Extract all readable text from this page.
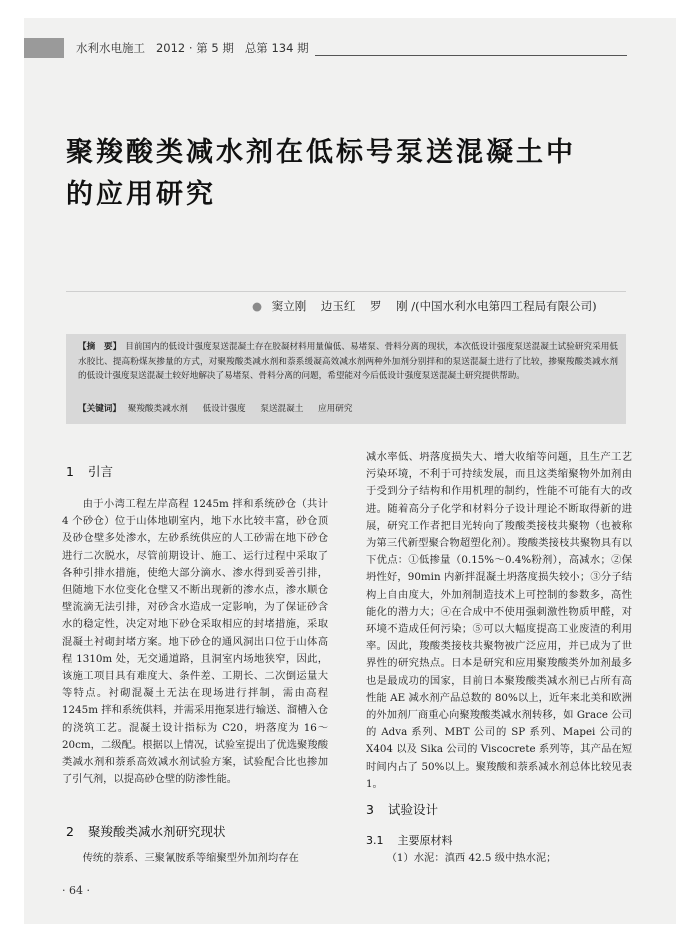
水利水电施工 2012 · 第 5 期 总第 134 期
聚羧酸类减水剂在低标号泵送混凝土中
的应用研究
● 窦立刚    边玉红    罗    刚 /(中国水利水电第四工程局有限公司)
【摘　要】 目前国内的低设计强度泵送混凝土存在胶凝材料用量偏低、易堵泵、骨料分离的现状，本次低设计强度泵送混凝土试验研究采用低水胶比、提高粉煤灰掺量的方式，对聚羧酸类减水剂和萘系缓凝高效减水剂两种外加剂分别拌和的泵送混凝土进行了比较，掺聚羧酸类减水剂的低设计强度泵送混凝土较好地解决了易堵泵、骨料分离的问题，希望能对今后低设计强度泵送混凝土研究提供帮助。
【关键词】 聚羧酸类减水剂 低设计强度 泵送混凝土 应用研究
1 引言

由于小湾工程左岸高程 1245m 拌和系统砂仓（共计 4 个砂仓）位于山体地刷室内，地下水比较丰富，砂仓顶及砂仓壁多处渗水，左砂系统供应的人工砂需在地下砂仓进行二次脱水，尽管前期设计、施工、运行过程中采取了各种引排水措施，使绝大部分滴水、渗水得到妥善引排，但随地下水位变化仓壁又不断出现新的渗水点，渗水顺仓壁流滴无法引排，对砂含水造成一定影响，为了保证砂含水的稳定性，决定对地下砂仓采取相应的封堵措施，采取混凝土衬砌封堵方案。地下砂仓的通风洞出口位于山体高程 1310m 处，无交通道路，且洞室内场地狭窄，因此，该施工项目具有难度大、条件差、工期长、二次倒运量大等特点。衬砌混凝土无法在现场进行拌制，需由高程 1245m 拌和系统供料，并需采用拖泵进行输送、溜槽入仓的浇筑工艺。混凝土设计指标为 C20，坍落度为 16～20cm，二级配。根据以上情况，试验室提出了优选聚羧酸类减水剂和萘系高效减水剂试验方案，试验配合比也掺加了引气剂，以提高砂仓壁的防渗性能。

2 聚羧酸类减水剂研究现状

传统的萘系、三聚氰胺系等缩聚型外加剂均存在

减水率低、坍落度损失大、增大收缩等问题，且生产工艺污染环境，不利于可持续发展，而且这类缩聚物外加剂由于受到分子结构和作用机理的制约，性能不可能有大的改进。随着高分子化学和材料分子设计理论不断取得新的进展，研究工作者把目光转向了羧酸类接枝共聚物（也被称为第三代新型聚合物超塑化剂）。羧酸类接枝共聚物具有以下优点：①低掺量（0.15%～0.4%粉剂），高减水；②保坍性好，90min 内新拌混凝土坍落度损失较小；③分子结构上自由度大，外加剂制造技术上可控制的参数多，高性能化的潜力大；④在合成中不使用强刺激性物质甲醛，对环境不造成任何污染；⑤可以大幅度提高工业废渣的利用率。因此，羧酸类接枝共聚物被广泛应用，并已成为了世界性的研究热点。日本是研究和应用聚羧酸类外加剂最多也是最成功的国家，目前日本聚羧酸类减水剂已占所有高性能 AE 减水剂产品总数的 80%以上，近年来北美和欧洲的外加剂厂商重心向聚羧酸类减水剂转移，如 Grace 公司的 Adva 系列、MBT 公司的 SP 系列、Mapei 公司的 X404 以及 Sika 公司的 Viscocrete 系列等，其产品在短时间内占了 50%以上。聚羧酸和萘系减水剂总体比较见表 1。

3 试验设计
3.1 主要原材料

（1）水泥：滇西 42.5 级中热水泥；

· 64 ·
